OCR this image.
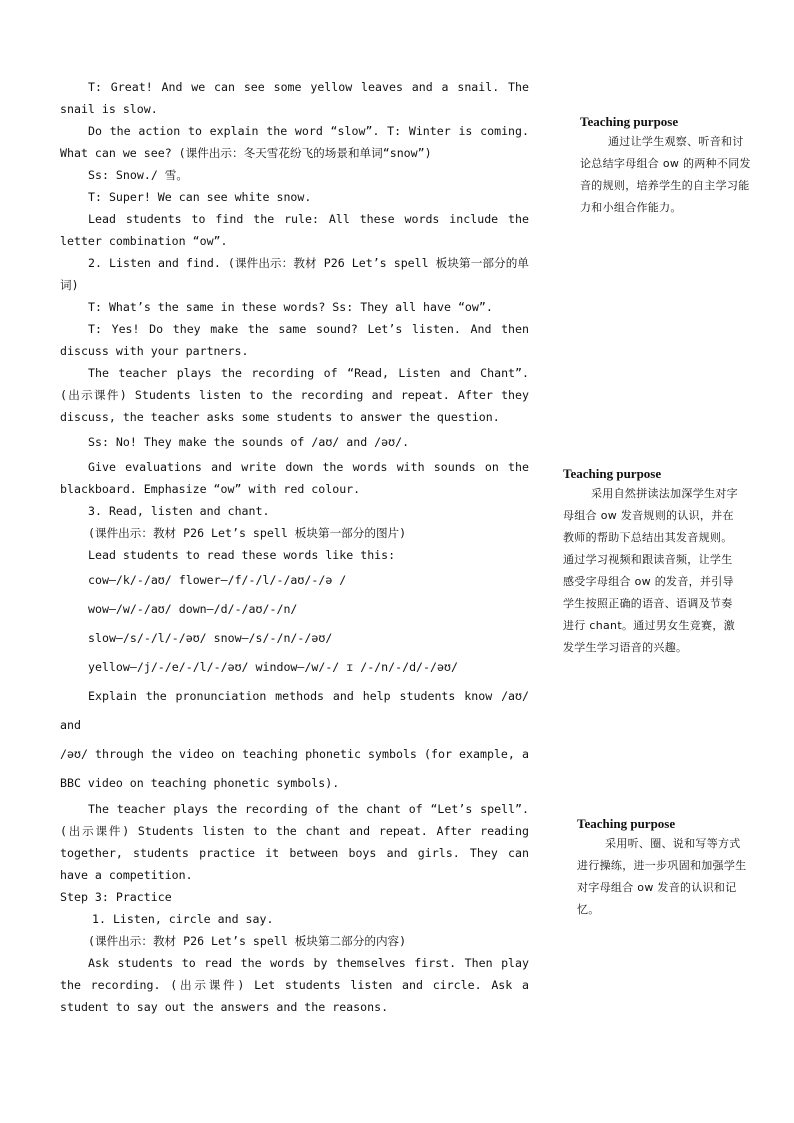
T: Great! And we can see some yellow leaves and a snail. The snail is slow.

Do the action to explain the word “slow”. T: Winter is coming. What can we see? (课件出示：冬天雪花纷飞的场景和单词“snow”)

Ss: Snow./ 雪。

T: Super! We can see white snow.

Lead students to find the rule: All these words include the letter combination “ow”.

2. Listen and find. (课件出示：教材 P26 Let’s spell 板块第一部分的单词)

T: What’s the same in these words? Ss: They all have “ow”.

T: Yes! Do they make the same sound? Let’s listen. And then discuss with your partners.

The teacher plays the recording of “Read, Listen and Chant”. (出示课件) Students listen to the recording and repeat. After they discuss, the teacher asks some students to answer the question.

Ss: No! They make the sounds of /aʊ/ and /əʊ/.

Give evaluations and write down the words with sounds on the blackboard. Emphasize “ow” with red colour.

3. Read, listen and chant.

(课件出示：教材 P26 Let’s spell 板块第一部分的图片)

Lead students to read these words like this:

cow—/k/-/aʊ/ flower—/f/-/l/-/aʊ/-/ə /

wow—/w/-/aʊ/ down—/d/-/aʊ/-/n/

slow—/s/-/l/-/əʊ/ snow—/s/-/n/-/əʊ/

yellow—/j/-/e/-/l/-/əʊ/ window—/w/-/ ɪ /-/n/-/d/-/əʊ/

Explain the pronunciation methods and help students know /aʊ/ and

/əʊ/ through the video on teaching phonetic symbols (for example, a BBC video on teaching phonetic symbols).

The teacher plays the recording of the chant of “Let’s spell”. (出示课件) Students listen to the chant and repeat. After reading together, students practice it between boys and girls. They can have a competition.

Step 3: Practice

1. Listen, circle and say.

(课件出示：教材 P26 Let’s spell 板块第二部分的内容)

Ask students to read the words by themselves first. Then play the recording. (出示课件) Let students listen and circle. Ask a student to say out the answers and the reasons.

Teaching purpose

通过让学生观察、听音和讨论总结字母组合 ow 的两种不同发音的规则，培养学生的自主学习能力和小组合作能力。

Teaching purpose

采用自然拼读法加深学生对字母组合 ow 发音规则的认识，并在教师的帮助下总结出其发音规则。通过学习视频和跟读音频，让学生感受字母组合 ow 的发音，并引导学生按照正确的语音、语调及节奏进行 chant。通过男女生竞赛，激发学生学习语音的兴趣。

Teaching purpose

采用听、圈、说和写等方式进行操练，进一步巩固和加强学生对字母组合 ow 发音的认识和记忆。
